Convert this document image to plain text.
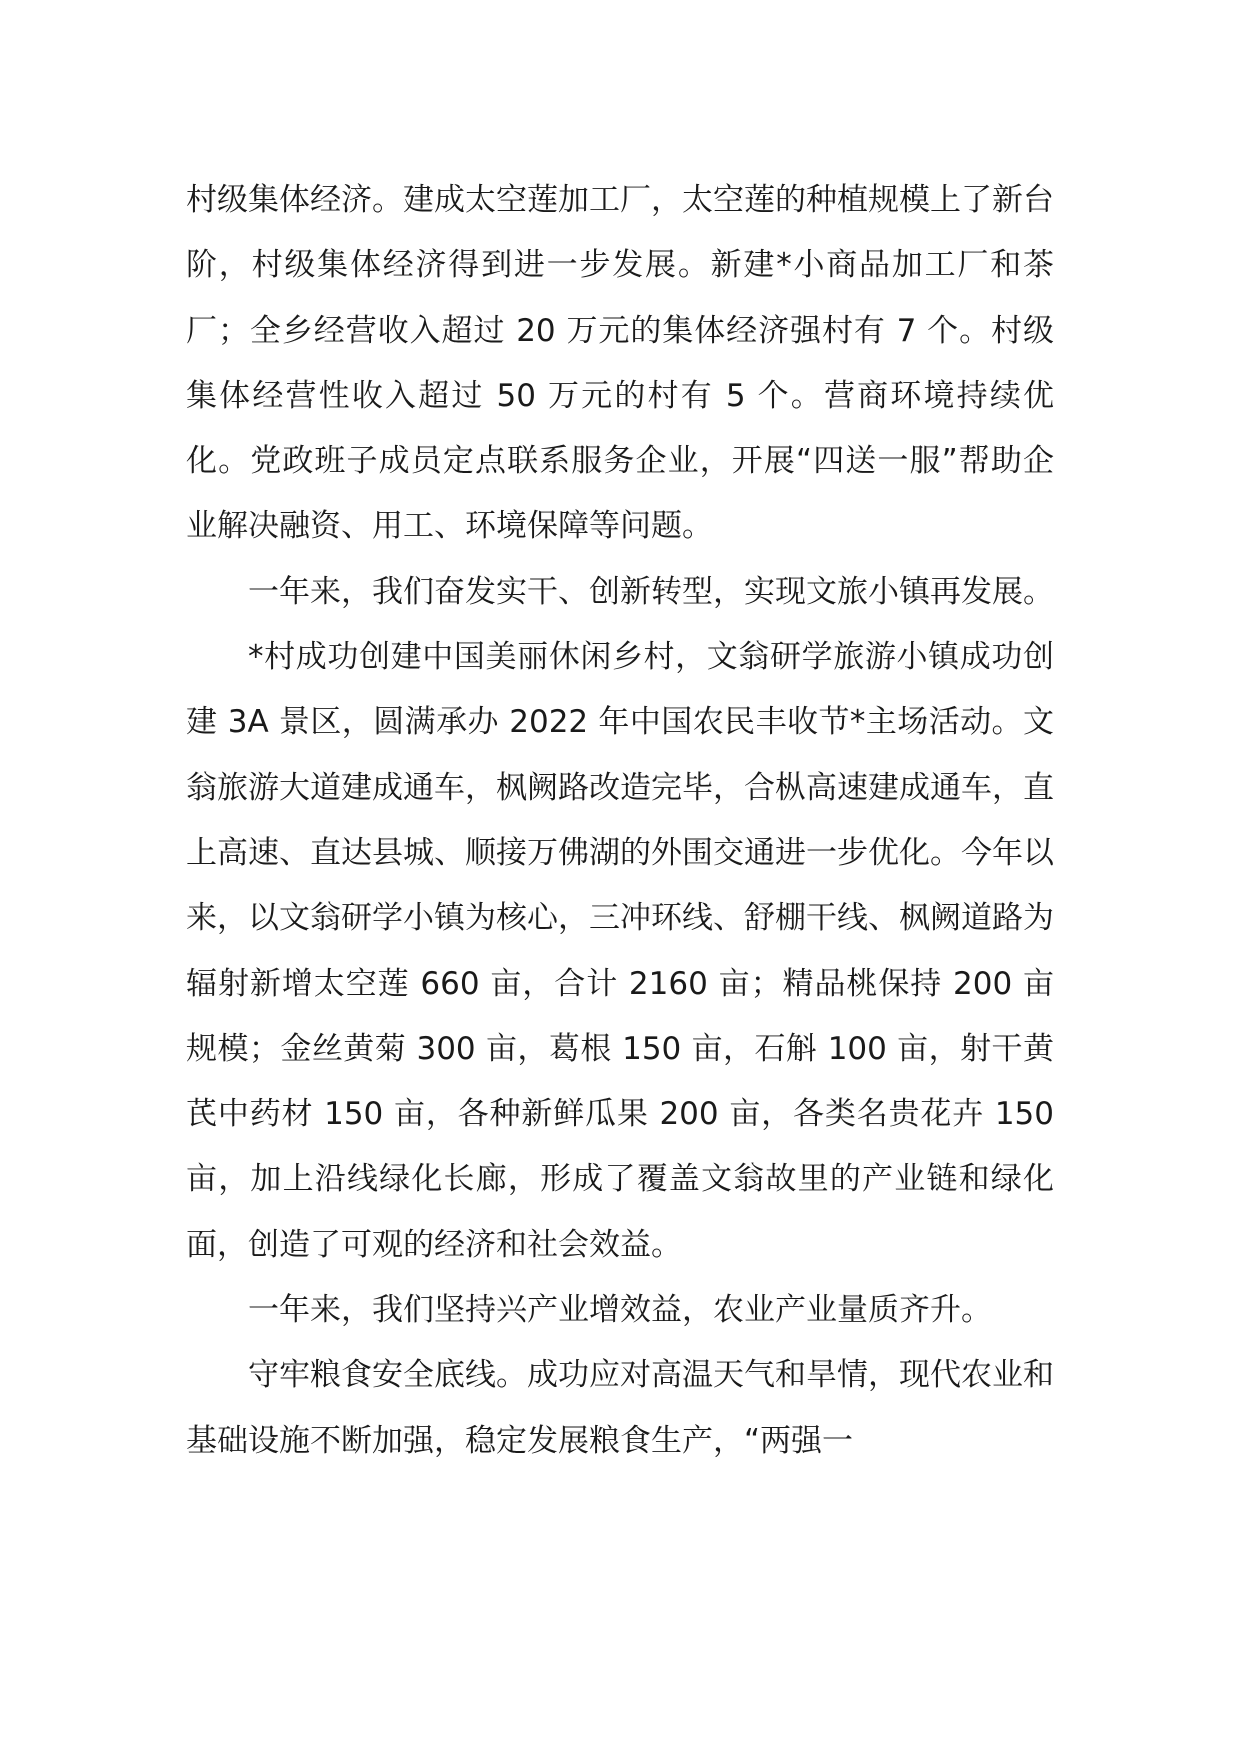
村级集体经济。建成太空莲加工厂，太空莲的种植规模上了新台阶，村级集体经济得到进一步发展。新建*小商品加工厂和茶厂；全乡经营收入超过 20 万元的集体经济强村有 7 个。村级集体经营性收入超过 50 万元的村有 5 个。营商环境持续优化。党政班子成员定点联系服务企业，开展“四送一服”帮助企业解决融资、用工、环境保障等问题。

一年来，我们奋发实干、创新转型，实现文旅小镇再发展。

*村成功创建中国美丽休闲乡村，文翁研学旅游小镇成功创建 3A 景区，圆满承办 2022 年中国农民丰收节*主场活动。文翁旅游大道建成通车，枫阙路改造完毕，合枞高速建成通车，直上高速、直达县城、顺接万佛湖的外围交通进一步优化。今年以来，以文翁研学小镇为核心，三冲环线、舒棚干线、枫阙道路为辐射新增太空莲 660 亩，合计 2160 亩；精品桃保持 200 亩规模；金丝黄菊 300 亩，葛根 150 亩，石斛 100 亩，射干黄芪中药材 150 亩，各种新鲜瓜果 200 亩，各类名贵花卉 150 亩，加上沿线绿化长廊，形成了覆盖文翁故里的产业链和绿化面，创造了可观的经济和社会效益。

一年来，我们坚持兴产业增效益，农业产业量质齐升。

守牢粮食安全底线。成功应对高温天气和旱情，现代农业和基础设施不断加强，稳定发展粮食生产，“两强一
